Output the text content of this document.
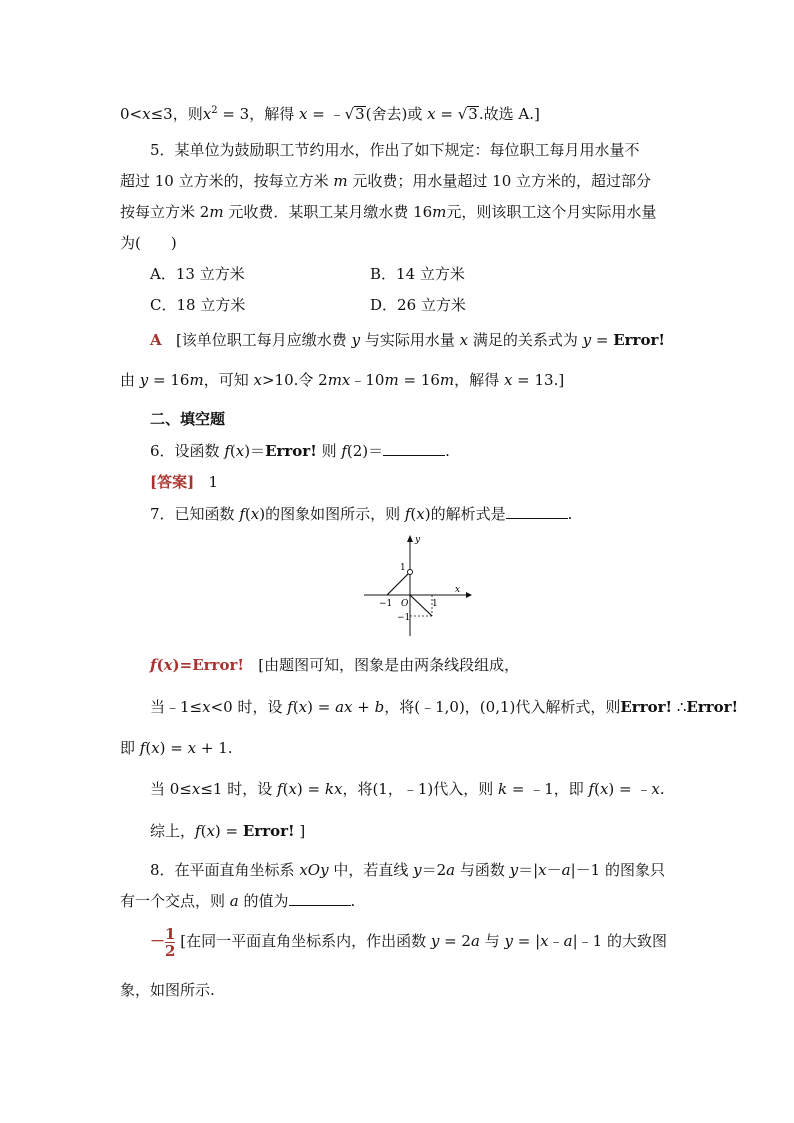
0<x≤3，则$x^2 = 3$，解得 x = ﹣√3(舍去)或 x = √3.故选 A.]
5．某单位为鼓励职工节约用水，作出了如下规定：每位职工每月用水量不
超过 10 立方米的，按每立方米 m 元收费；用水量超过 10 立方米的，超过部分
按每立方米 2m 元收费．某职工某月缴水费 16m元，则该职工这个月实际用水量
为(　　)
A．13 立方米	B．14 立方米
C．18 立方米	D．26 立方米
A [该单位职工每月应缴水费 y 与实际用水量 x 满足的关系式为 y = Error!
由 y = 16m，可知 x>10.令 2mx﹣10m = 16m，解得 x = 13.]
二、填空题
6．设函数 f(x)＝Error! 则 f(2)＝	.
[答案] 1
7．已知函数 f(x)的图象如图所示，则 f(x)的解析式是	.
y
x
1
−1 O	1
−1
f(x)=Error! [由题图可知，图象是由两条线段组成，
当﹣1≤x<0 时，设 f(x) = ax + b，将(﹣1,0)，(0,1)代入解析式，则Error! ∴Error!
即 f(x) = x + 1.
当 0≤x≤1 时，设 f(x) = kx，将(1，﹣1)代入，则 k = ﹣1，即 f(x) = ﹣x.
综上，f(x) = Error! ]
8．在平面直角坐标系 xOy 中，若直线 y＝2a 与函数 y＝|x－a|－1 的图象只
有一个交点，则 a 的值为	.
－ $\frac{1}{2}$ [在同一平面直角坐标系内，作出函数 y = 2a 与 y = |x﹣a|﹣1 的大致图
象，如图所示.
